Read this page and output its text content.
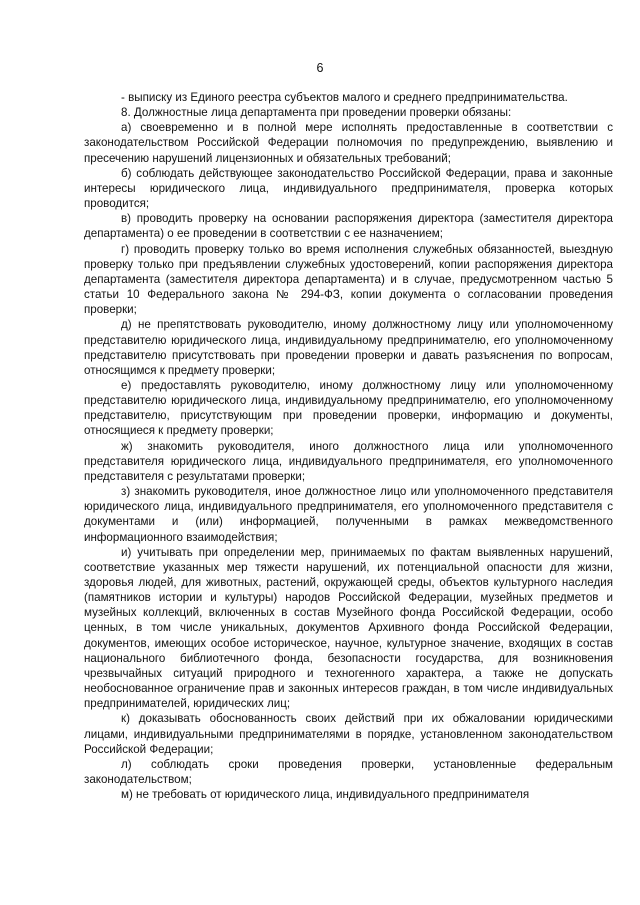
6

- выписку из Единого реестра субъектов малого и среднего предпринимательства.

8. Должностные лица департамента при проведении проверки обязаны:

а) своевременно и в полной мере исполнять предоставленные в соответствии с законодательством Российской Федерации полномочия по предупреждению, выявлению и пресечению нарушений лицензионных и обязательных требований;

б) соблюдать действующее законодательство Российской Федерации, права и законные интересы юридического лица, индивидуального предпринимателя, проверка которых проводится;

в) проводить проверку на основании распоряжения директора (заместителя директора департамента) о ее проведении в соответствии с ее назначением;

г) проводить проверку только во время исполнения служебных обязанностей, выездную проверку только при предъявлении служебных удостоверений, копии распоряжения директора департамента (заместителя директора департамента) и в случае, предусмотренном частью 5 статьи 10 Федерального закона № 294-ФЗ, копии документа о согласовании проведения проверки;

д) не препятствовать руководителю, иному должностному лицу или уполномоченному представителю юридического лица, индивидуальному предпринимателю, его уполномоченному представителю присутствовать при проведении проверки и давать разъяснения по вопросам, относящимся к предмету проверки;

е) предоставлять руководителю, иному должностному лицу или уполномоченному представителю юридического лица, индивидуальному предпринимателю, его уполномоченному представителю, присутствующим при проведении проверки, информацию и документы, относящиеся к предмету проверки;

ж) знакомить руководителя, иного должностного лица или уполномоченного представителя юридического лица, индивидуального предпринимателя, его уполномоченного представителя с результатами проверки;

з) знакомить руководителя, иное должностное лицо или уполномоченного представителя юридического лица, индивидуального предпринимателя, его уполномоченного представителя с документами и (или) информацией, полученными в рамках межведомственного информационного взаимодействия;

и) учитывать при определении мер, принимаемых по фактам выявленных нарушений, соответствие указанных мер тяжести нарушений, их потенциальной опасности для жизни, здоровья людей, для животных, растений, окружающей среды, объектов культурного наследия (памятников истории и культуры) народов Российской Федерации, музейных предметов и музейных коллекций, включенных в состав Музейного фонда Российской Федерации, особо ценных, в том числе уникальных, документов Архивного фонда Российской Федерации, документов, имеющих особое историческое, научное, культурное значение, входящих в состав национального библиотечного фонда, безопасности государства, для возникновения чрезвычайных ситуаций природного и техногенного характера, а также не допускать необоснованное ограничение прав и законных интересов граждан, в том числе индивидуальных предпринимателей, юридических лиц;

к) доказывать обоснованность своих действий при их обжаловании юридическими лицами, индивидуальными предпринимателями в порядке, установленном законодательством Российской Федерации;

л) соблюдать сроки проведения проверки, установленные федеральным законодательством;

м) не требовать от юридического лица, индивидуального предпринимателя
